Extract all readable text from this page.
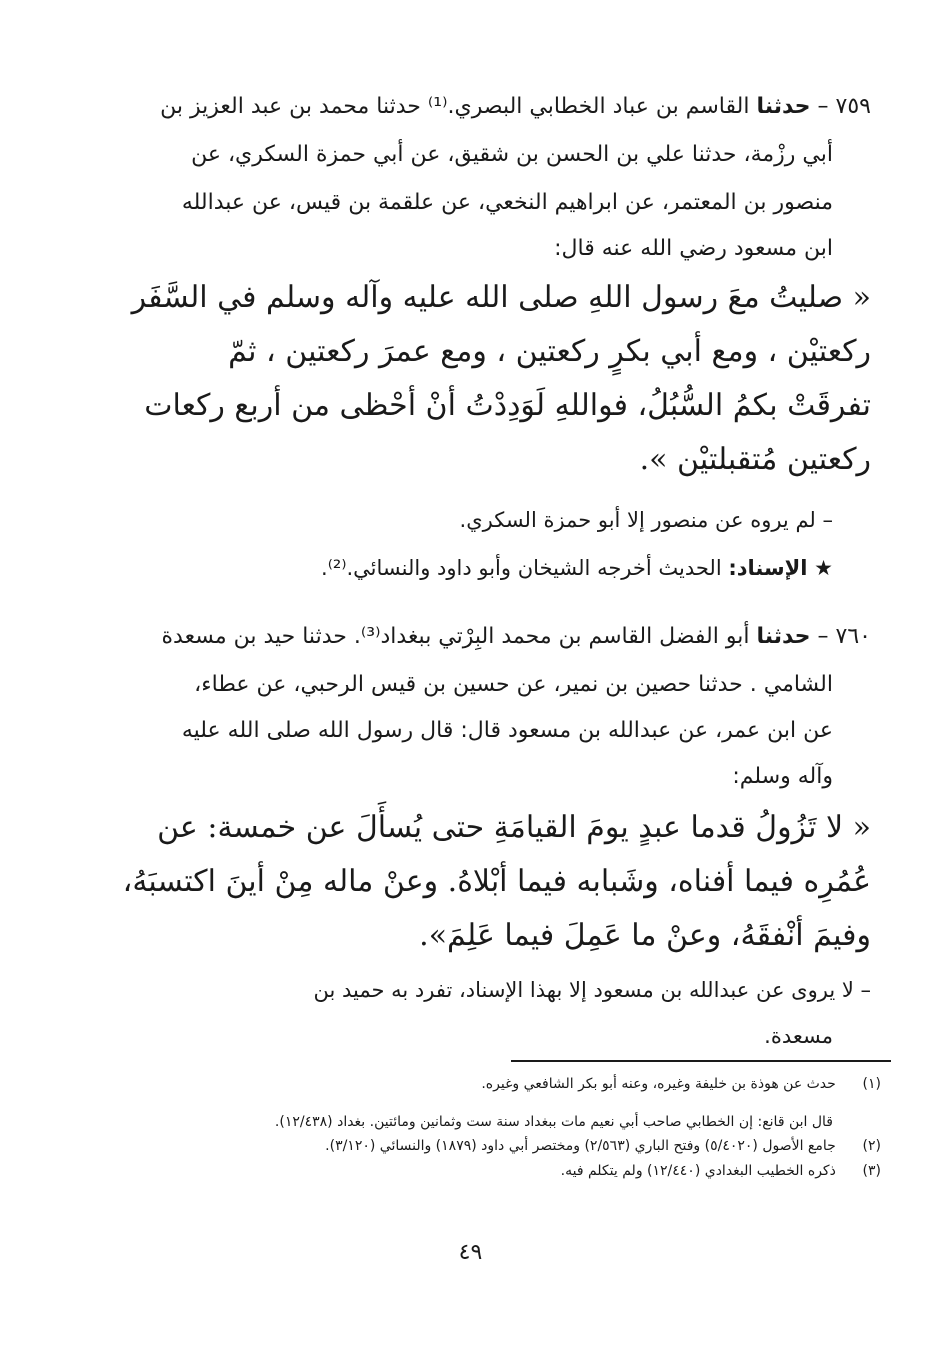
٧٥٩ – حدثنا القاسم بن عباد الخطابي البصري.⁽¹⁾ حدثنا محمد بن عبد العزيز بن
أبي رزْمة، حدثنا علي بن الحسن بن شقيق، عن أبي حمزة السكري، عن
منصور بن المعتمر، عن ابراهيم النخعي، عن علقمة بن قيس، عن عبدالله
ابن مسعود رضي الله عنه قال:
« صليتُ معَ رسول اللهِ صلى الله عليه وآله وسلم في السَّفَر
ركعتيْن ، ومع أبي بكرٍ ركعتين ، ومع عمرَ ركعتين ، ثمّ
تفرقَتْ بكمُ السُّبُلُ، فواللهِ لَوَدِدْتُ أنْ أحْظى من أربع ركعات
ركعتين مُتقبلتيْن ».
– لم يروه عن منصور إلا أبو حمزة السكري.
★ الإسناد: الحديث أخرجه الشيخان وأبو داود والنسائي.⁽²⁾.
٧٦٠ – حدثنا أبو الفضل القاسم بن محمد البِرْتي ببغداد⁽³⁾. حدثنا حيد بن مسعدة
الشامي . حدثنا حصين بن نمير، عن حسين بن قيس الرحبي، عن عطاء،
عن ابن عمر، عن عبدالله بن مسعود قال: قال رسول الله صلى الله عليه
وآله وسلم:
« لا تَزُولُ قدما عبدٍ يومَ القيامَةِ حتى يُسأَلَ عن خمسة: عن
عُمُرِه فيما أفناه، وشَبابه فيما أبْلاهُ. وعنْ ماله مِنْ أينَ اكتسبَهُ،
وفيمَ أنْفقَهُ، وعنْ ما عَمِلَ فيما عَلِمَ».
– لا يروى عن عبدالله بن مسعود إلا بهذا الإسناد، تفرد به حميد بن
مسعدة.
(١)      حدث عن هوذة بن خليفة وغيره، وعنه أبو بكر الشافعي وغيره.
قال ابن قانع: إن الخطابي صاحب أبي نعيم مات ببغداد سنة ست وثمانين ومائتين. بغداد (١٢/٤٣٨).
(٢)      جامع الأصول (٥/٤٠٢٠) وفتح الباري (٢/٥٦٣) ومختصر أبي داود (١٨٧٩) والنسائي (٣/١٢٠).
(٣)      ذكره الخطيب البغدادي (١٢/٤٤٠) ولم يتكلم فيه.
٤٩
